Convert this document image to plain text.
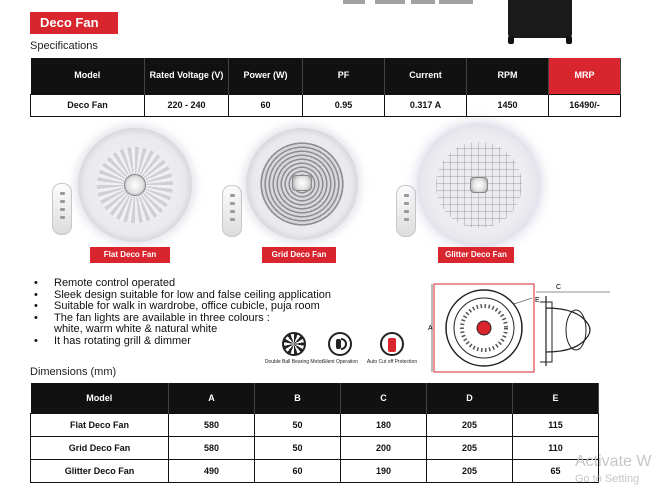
Deco Fan
Specifications
Model	Rated Voltage (V)	Power (W)	PF	Current	RPM	MRP
Deco Fan	220 - 240	60	0.95	0.317 A	1450	16490/-
Flat Deco Fan	Grid Deco Fan	Glitter Deco Fan
• Remote control operated
• Sleek design suitable for low and false ceiling application
• Suitable for walk in wardrobe, office cubicle, puja room
• The fan lights are available in three colours :
white, warm white & natural white
• It has rotating grill & dimmer
Double Ball Bearing Motor
Silent Operation	Auto Cut off Protection
A
E
C
Dimensions (mm)
Model	A	B	C	D	E
Flat Deco Fan	580	50	180	205	115
Grid Deco Fan	580	50	200	205	110
Glitter Deco Fan	490	60	190	205	65
Activate W
Go to Setting
